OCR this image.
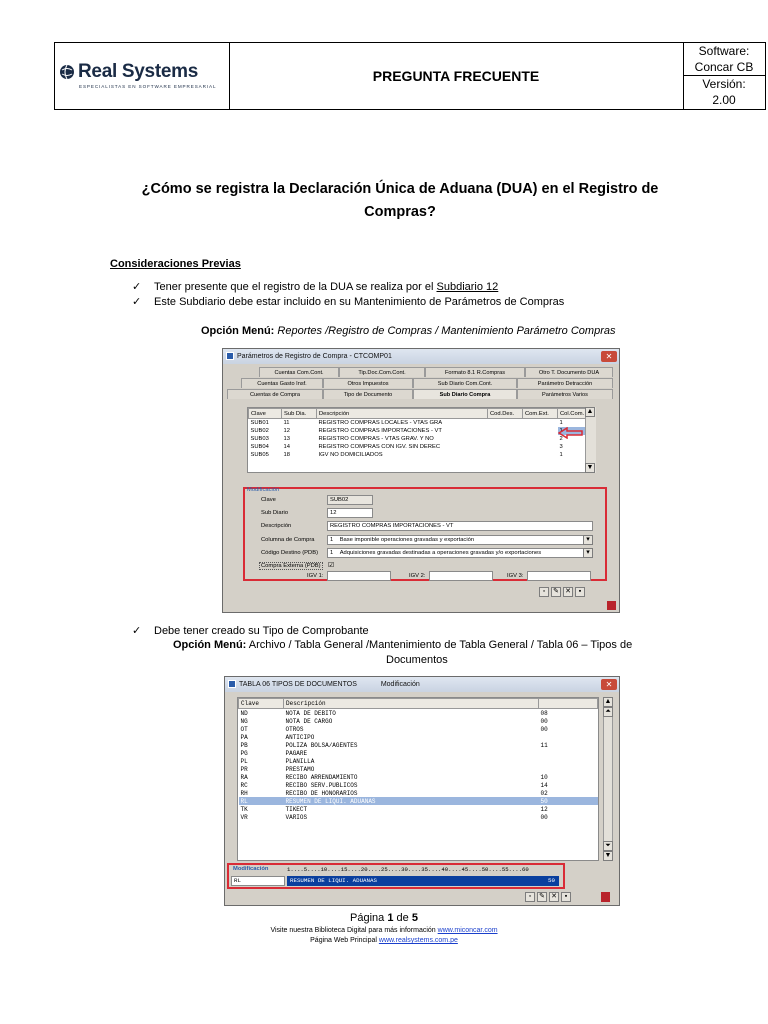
Real Systems
ESPECIALISTAS EN SOFTWARE EMPRESARIAL
PREGUNTA FRECUENTE
Software:
Concar CB
Versión:
2.00
¿Cómo se registra la Declaración Única de Aduana (DUA) en el Registro de
Compras?
Consideraciones Previas
✓ Tener presente que el registro de la DUA se realiza por el Subdiario 12
✓ Este Subdiario debe estar incluido en su Mantenimiento de Parámetros de Compras
Opción Menú: Reportes /Registro de Compras / Mantenimiento Parámetro Compras
Parámetros de Registro de Compra - CTCOMP01	✕
Cuentas Com.Cont.	Tip.Doc.Com.Cont.	Formato 8.1 R.Compras	Otro T. Documento DUA
Cuentas Gasto Insf.	Otros Impuestos	Sub Diario Com.Cont.	Parámetro Detracción
Cuentas de Compra	Tipo de Documento	Sub Diario Compra	Parámetros Varios
Clave	Sub Dia.	Descripción	Cod.Des.	Com.Ext.	Col.Com.
SUB01	11	REGISTRO COMPRAS LOCALES - VTAS GRA			1
SUB02	12	REGISTRO COMPRAS IMPORTACIONES - VT			1
SUB03	13	REGISTRO COMPRAS - VTAS GRAV. Y NO			2
SUB04	14	REGISTRO COMPRAS CON IGV. SIN DEREC			3
SUB05	18	IGV NO DOMICILIADOS			1
▲
▼
Modificación
Clave	SUB02
Sub Diario	12
Descripción	REGISTRO COMPRAS IMPORTACIONES - VT
Columna de Compra	1 Base imponible operaciones gravadas y exportación	▾
Código Destino (PDB)	1 Adquisiciones gravadas destinadas a operaciones gravadas y/o exportaciones	▾
Compra Externa (PDB) ☑
IGV 1:	IGV 2:	IGV 3:
▫	✎ ✕	▪
✓ Debe tener creado su Tipo de Comprobante
Opción Menú: Archivo / Tabla General /Mantenimiento de Tabla General / Tabla 06 – Tipos de
Documentos
TABLA 06 TIPOS DE DOCUMENTOS	Modificación	✕
Clave	Descripción	
ND	NOTA DE DEBITO	08
NG	NOTA DE CARGO	00
OT	OTROS	00
PA	ANTICIPO	
PB	POLIZA BOLSA/AGENTES	11
PG	PAGARE	
PL	PLANILLA	
PR	PRESTAMO	
RA	RECIBO ARRENDAMIENTO	10
RC	RECIBO SERV.PUBLICOS	14
RH	RECIBO DE HONORARIOS	02
RL	RESUMEN DE LIQUI. ADUANAS	50
TK	TIKECT	12
VR	VARIOS	00
▲
⏶
⏷
▼
Modificación	1....5....10....15....20....25....30....35....40....45....50....55....60
RL	RESUMEN DE LIQUI. ADUANAS	50
▫	✎ ✕	▪
Página 1 de 5
Visite nuestra Biblioteca Digital para más información www.miconcar.com
Página Web Principal www.realsystems.com.pe
